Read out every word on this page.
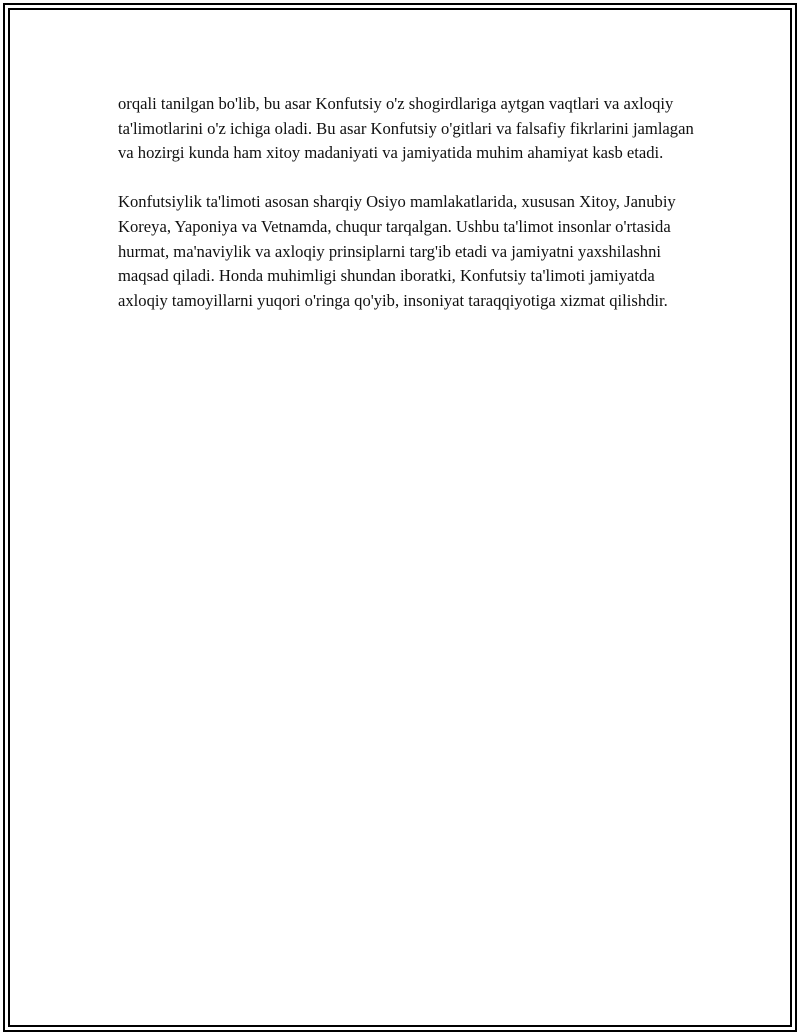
orqali tanilgan bo'lib, bu asar Konfutsiy o'z shogirdlariga aytgan vaqtlari va axloqiy ta'limotlarini o'z ichiga oladi. Bu asar Konfutsiy o'gitlari va falsafiy fikrlarini jamlagan va hozirgi kunda ham xitoy madaniyati va jamiyatida muhim ahamiyat kasb etadi.

Konfutsiylik ta'limoti asosan sharqiy Osiyo mamlakatlarida, xususan Xitoy, Janubiy Koreya, Yaponiya va Vetnamda, chuqur tarqalgan. Ushbu ta'limot insonlar o'rtasida hurmat, ma'naviylik va axloqiy prinsiplarni targ'ib etadi va jamiyatni yaxshilashni maqsad qiladi. Honda muhimligi shundan iboratki, Konfutsiy ta'limoti jamiyatda axloqiy tamoyillarni yuqori o'ringa qo'yib, insoniyat taraqqiyotiga xizmat qilishdir.
